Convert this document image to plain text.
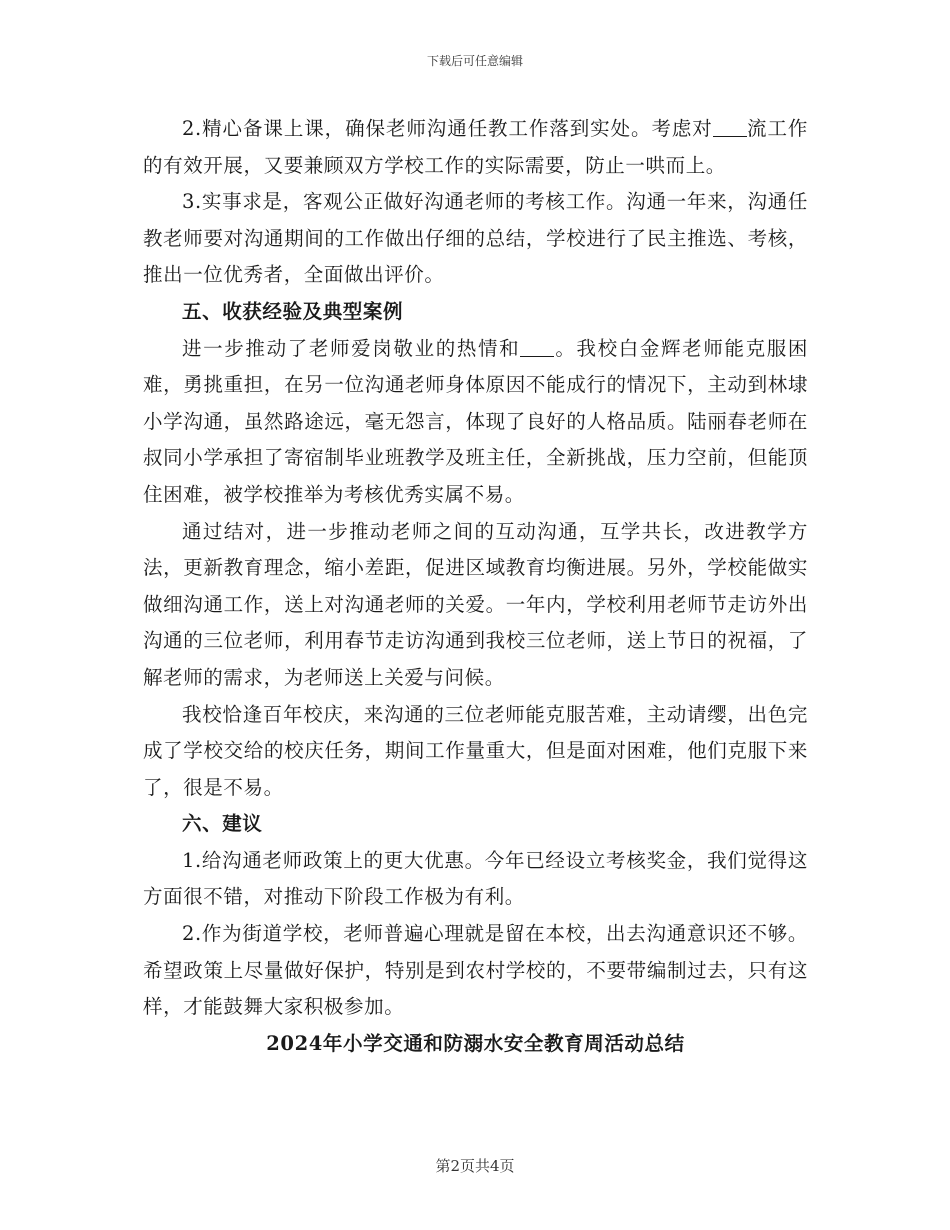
下载后可任意编辑

2.精心备课上课，确保老师沟通任教工作落到实处。考虑对 流工作的有效开展，又要兼顾双方学校工作的实际需要，防止一哄而上。

3.实事求是，客观公正做好沟通老师的考核工作。沟通一年来，沟通任教老师要对沟通期间的工作做出仔细的总结，学校进行了民主推选、考核，推出一位优秀者，全面做出评价。

五、收获经验及典型案例

进一步推动了老师爱岗敬业的热情和 。我校白金辉老师能克服困难，勇挑重担，在另一位沟通老师身体原因不能成行的情况下，主动到林埭小学沟通，虽然路途远，毫无怨言，体现了良好的人格品质。陆丽春老师在叔同小学承担了寄宿制毕业班教学及班主任，全新挑战，压力空前，但能顶住困难，被学校推举为考核优秀实属不易。

通过结对，进一步推动老师之间的互动沟通，互学共长，改进教学方法，更新教育理念，缩小差距，促进区域教育均衡进展。另外，学校能做实做细沟通工作，送上对沟通老师的关爱。一年内，学校利用老师节走访外出沟通的三位老师，利用春节走访沟通到我校三位老师，送上节日的祝福，了解老师的需求，为老师送上关爱与问候。

我校恰逢百年校庆，来沟通的三位老师能克服苦难，主动请缨，出色完成了学校交给的校庆任务，期间工作量重大，但是面对困难，他们克服下来了，很是不易。

六、建议

1.给沟通老师政策上的更大优惠。今年已经设立考核奖金，我们觉得这方面很不错，对推动下阶段工作极为有利。

2.作为街道学校，老师普遍心理就是留在本校，出去沟通意识还不够。希望政策上尽量做好保护，特别是到农村学校的，不要带编制过去，只有这样，才能鼓舞大家积极参加。

2024年小学交通和防溺水安全教育周活动总结

第2页共4页
